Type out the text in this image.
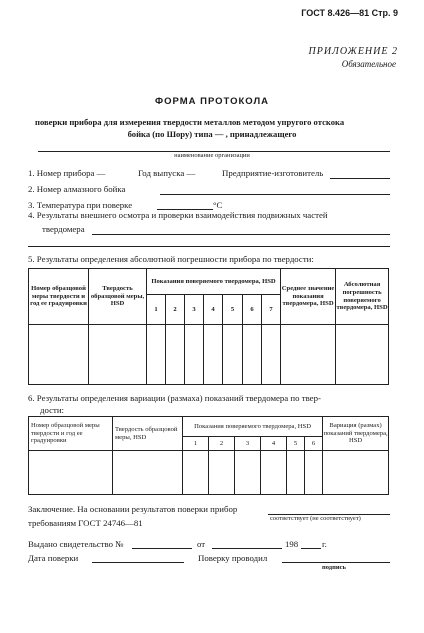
ГОСТ 8.426—81 Стр. 9
ПРИЛОЖЕНИЕ 2
Обязательное
ФОРМА ПРОТОКОЛА
поверки прибора для измерения твердости металлов методом упругого отскока
бойка (по Шору) типа — , принадлежащего
наименование организации
1. Номер прибора —	Год выпуска —	Предприятие-изготовитель
2. Номер алмазного бойка
3. Температура при поверке	°С
4. Результаты внешнего осмотра и проверки взаимодействия подвижных частей
твердомера
5. Результаты определения абсолютной погрешности прибора по твердости:
Номер образцовой меры твердости и год ее градуировки	Твердость образцовой меры, HSD	Показания поверяемого твердомера, HSD							Среднее значение показания твердомера, HSD	Абсолютная погрешность поверяемого твердомера, HSD
		1	2	3	4	5	6	7		

6. Результаты определения вариации (размаха) показаний твердомера по твер-
дости:
Номер образцовой меры твердости и год ее градуировки	Твердость образцовой меры, HSD	Показания поверяемого твердомера, HSD						Вариация (размах) показаний твердомера, HSD
		1	2	3	4	5	6	

Заключение. На основании результатов поверки прибор
соответствует (не соответствует)
требованиям ГОСТ 24746—81
Выдано свидетельство №	от	198	г.
Дата поверки	Поверку проводил
подпись
